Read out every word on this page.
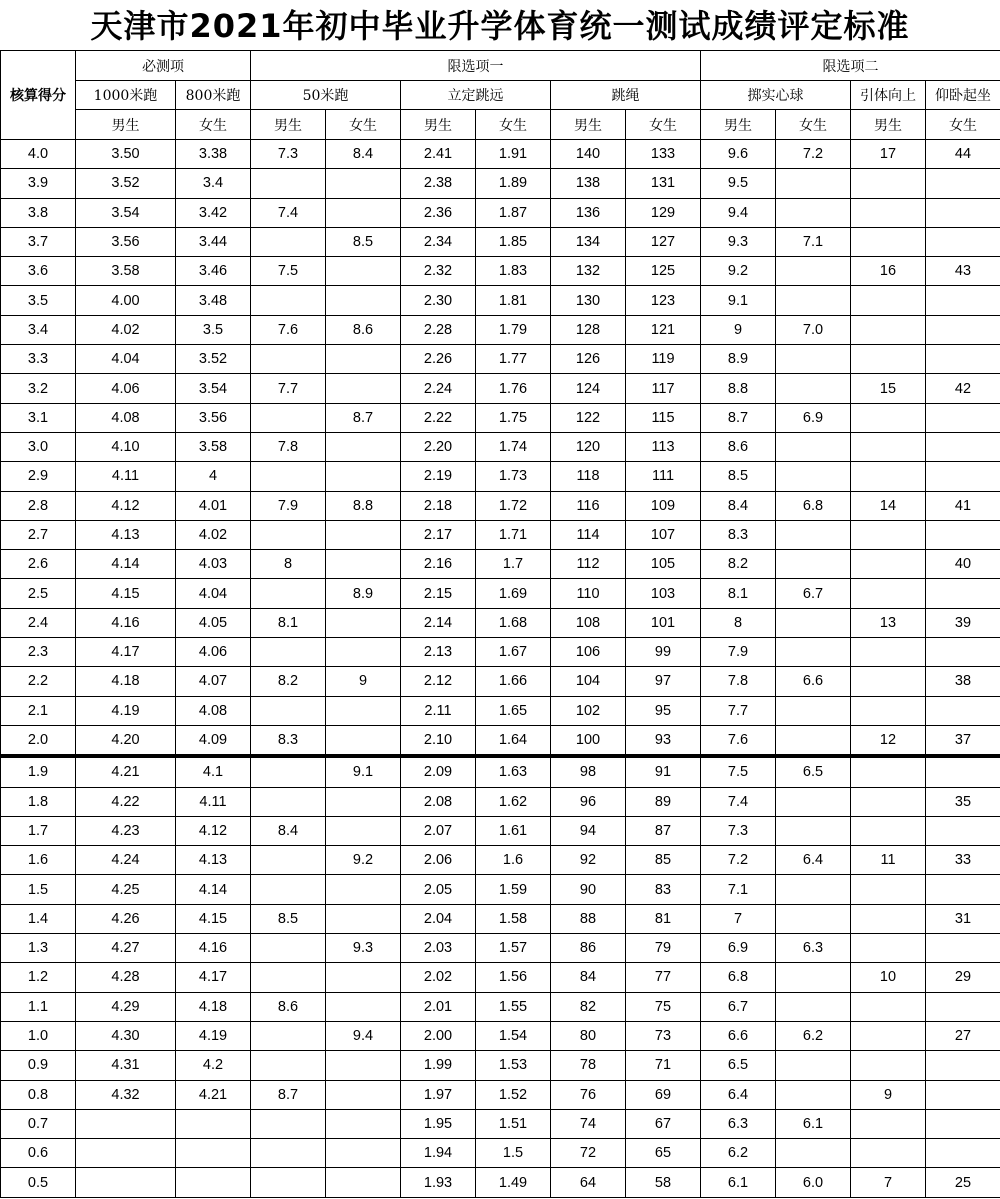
天津市2021年初中毕业升学体育统一测试成绩评定标准
核算得分	必测项		限选项一						限选项二			
	1000米跑	800米跑	50米跑		立定跳远		跳绳		掷实心球		引体向上	仰卧起坐
	男生	女生	男生	女生	男生	女生	男生	女生	男生	女生	男生	女生
4.0	3.50	3.38	7.3	8.4	2.41	1.91	140	133	9.6	7.2	17	44
3.9	3.52	3.4			2.38	1.89	138	131	9.5			
3.8	3.54	3.42	7.4		2.36	1.87	136	129	9.4			
3.7	3.56	3.44		8.5	2.34	1.85	134	127	9.3	7.1		
3.6	3.58	3.46	7.5		2.32	1.83	132	125	9.2		16	43
3.5	4.00	3.48			2.30	1.81	130	123	9.1			
3.4	4.02	3.5	7.6	8.6	2.28	1.79	128	121	9	7.0		
3.3	4.04	3.52			2.26	1.77	126	119	8.9			
3.2	4.06	3.54	7.7		2.24	1.76	124	117	8.8		15	42
3.1	4.08	3.56		8.7	2.22	1.75	122	115	8.7	6.9		
3.0	4.10	3.58	7.8		2.20	1.74	120	113	8.6			
2.9	4.11	4			2.19	1.73	118	111	8.5			
2.8	4.12	4.01	7.9	8.8	2.18	1.72	116	109	8.4	6.8	14	41
2.7	4.13	4.02			2.17	1.71	114	107	8.3			
2.6	4.14	4.03	8		2.16	1.7	112	105	8.2			40
2.5	4.15	4.04		8.9	2.15	1.69	110	103	8.1	6.7		
2.4	4.16	4.05	8.1		2.14	1.68	108	101	8		13	39
2.3	4.17	4.06			2.13	1.67	106	99	7.9			
2.2	4.18	4.07	8.2	9	2.12	1.66	104	97	7.8	6.6		38
2.1	4.19	4.08			2.11	1.65	102	95	7.7			
2.0	4.20	4.09	8.3		2.10	1.64	100	93	7.6		12	37
1.9	4.21	4.1		9.1	2.09	1.63	98	91	7.5	6.5		
1.8	4.22	4.11			2.08	1.62	96	89	7.4			35
1.7	4.23	4.12	8.4		2.07	1.61	94	87	7.3			
1.6	4.24	4.13		9.2	2.06	1.6	92	85	7.2	6.4	11	33
1.5	4.25	4.14			2.05	1.59	90	83	7.1			
1.4	4.26	4.15	8.5		2.04	1.58	88	81	7			31
1.3	4.27	4.16		9.3	2.03	1.57	86	79	6.9	6.3		
1.2	4.28	4.17			2.02	1.56	84	77	6.8		10	29
1.1	4.29	4.18	8.6		2.01	1.55	82	75	6.7			
1.0	4.30	4.19		9.4	2.00	1.54	80	73	6.6	6.2		27
0.9	4.31	4.2			1.99	1.53	78	71	6.5			
0.8	4.32	4.21	8.7		1.97	1.52	76	69	6.4		9	
0.7					1.95	1.51	74	67	6.3	6.1		
0.6					1.94	1.5	72	65	6.2			
0.5					1.93	1.49	64	58	6.1	6.0	7	25
